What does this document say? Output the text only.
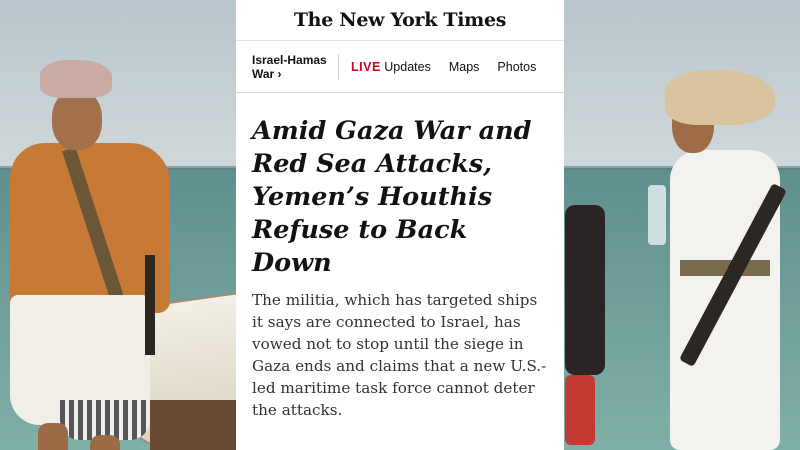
The New York Times
Israel-Hamas War ›	LIVE Updates Maps Photos
Amid Gaza War and Red Sea Attacks, Yemen’s Houthis Refuse to Back Down

The militia, which has targeted ships it says are connected to Israel, has vowed not to stop until the siege in Gaza ends and claims that a new U.S.-led maritime task force cannot deter the attacks.
